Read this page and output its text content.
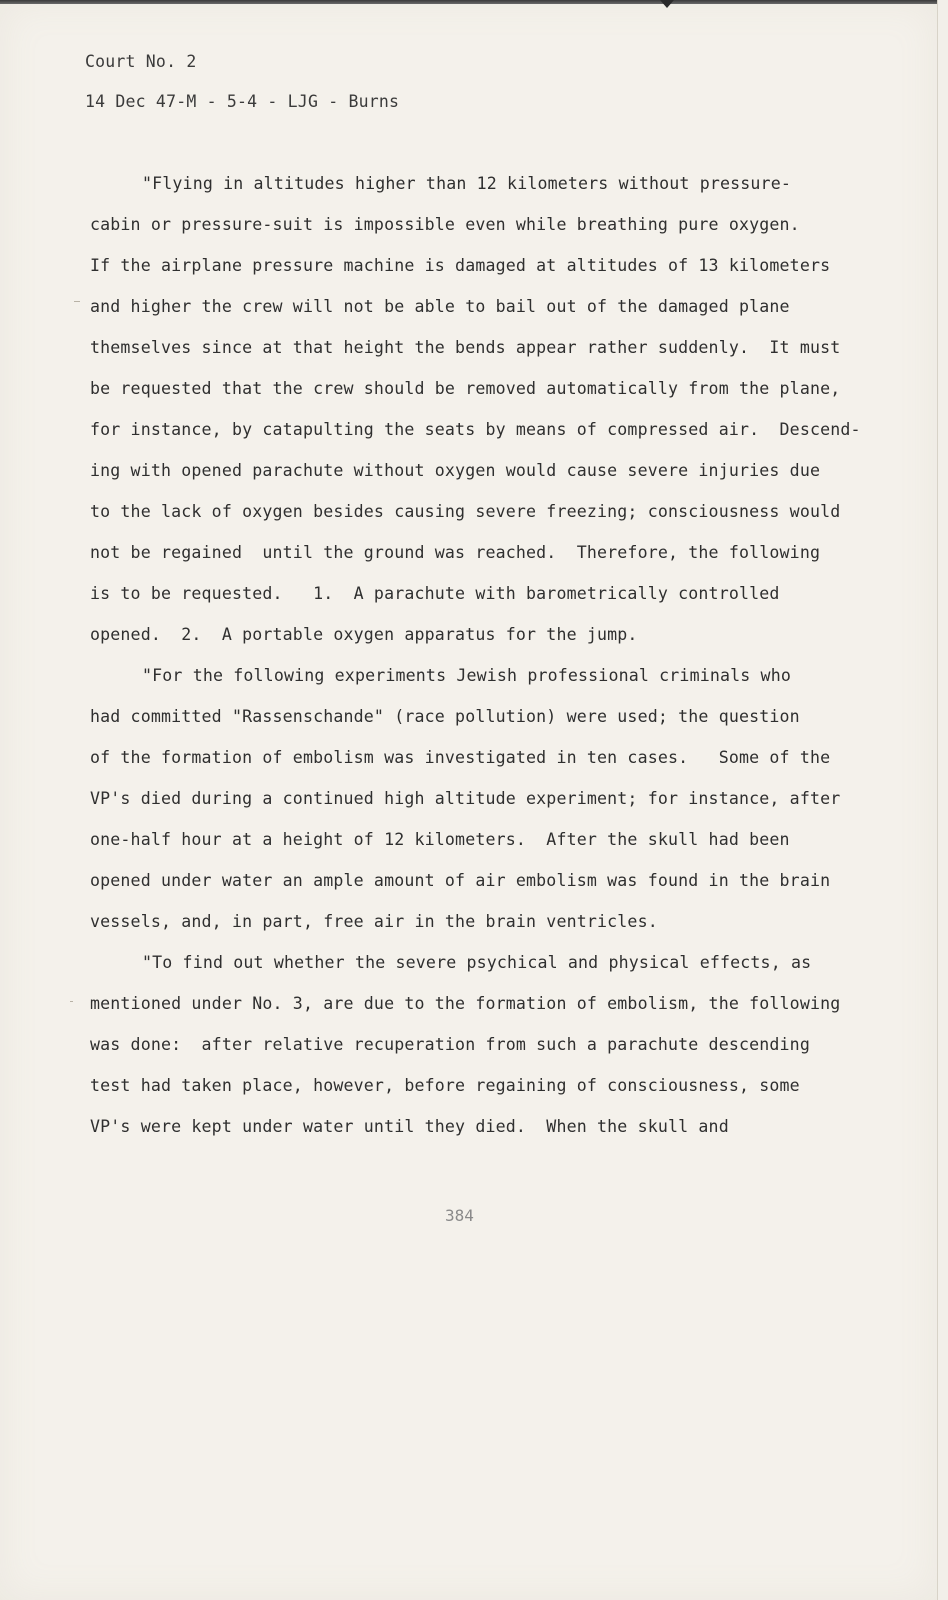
Court No. 2
14 Dec 47-M - 5-4 - LJG - Burns
"Flying in altitudes higher than 12 kilometers without pressure-
cabin or pressure-suit is impossible even while breathing pure oxygen.
If the airplane pressure machine is damaged at altitudes of 13 kilometers
and higher the crew will not be able to bail out of the damaged plane
themselves since at that height the bends appear rather suddenly.  It must
be requested that the crew should be removed automatically from the plane,
for instance, by catapulting the seats by means of compressed air.  Descend-
ing with opened parachute without oxygen would cause severe injuries due
to the lack of oxygen besides causing severe freezing; consciousness would
not be regained  until the ground was reached.  Therefore, the following
is to be requested.   1.  A parachute with barometrically controlled
opened.  2.  A portable oxygen apparatus for the jump.
"For the following experiments Jewish professional criminals who
had committed "Rassenschande" (race pollution) were used; the question
of the formation of embolism was investigated in ten cases.   Some of the
VP's died during a continued high altitude experiment; for instance, after
one-half hour at a height of 12 kilometers.  After the skull had been
opened under water an ample amount of air embolism was found in the brain
vessels, and, in part, free air in the brain ventricles.
"To find out whether the severe psychical and physical effects, as
mentioned under No. 3, are due to the formation of embolism, the following
was done:  after relative recuperation from such a parachute descending
test had taken place, however, before regaining of consciousness, some
VP's were kept under water until they died.  When the skull and
384
